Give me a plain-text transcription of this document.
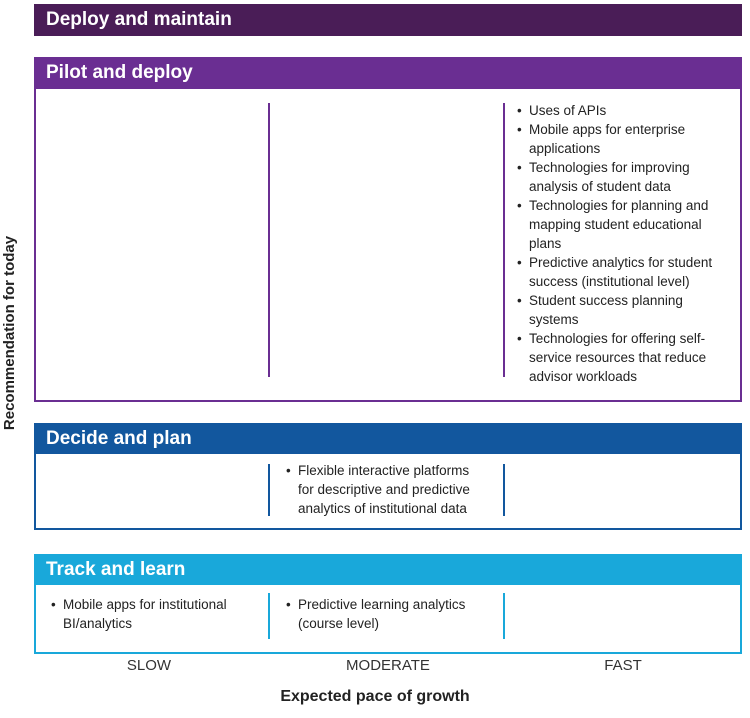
Deploy and maintain
Pilot and deploy
• Uses of APIs
• Mobile apps for enterprise applications
• Technologies for improving analysis of student data
• Technologies for planning and mapping student educational plans
• Predictive analytics for student success (institutional level)
• Student success planning systems
• Technologies for offering self-service resources that reduce advisor workloads
Decide and plan
• Flexible interactive platforms for descriptive and predictive analytics of institutional data
Track and learn
• Mobile apps for institutional BI/analytics
• Predictive learning analytics (course level)
Recommendation for today
SLOW	MODERATE	FAST
Expected pace of growth
